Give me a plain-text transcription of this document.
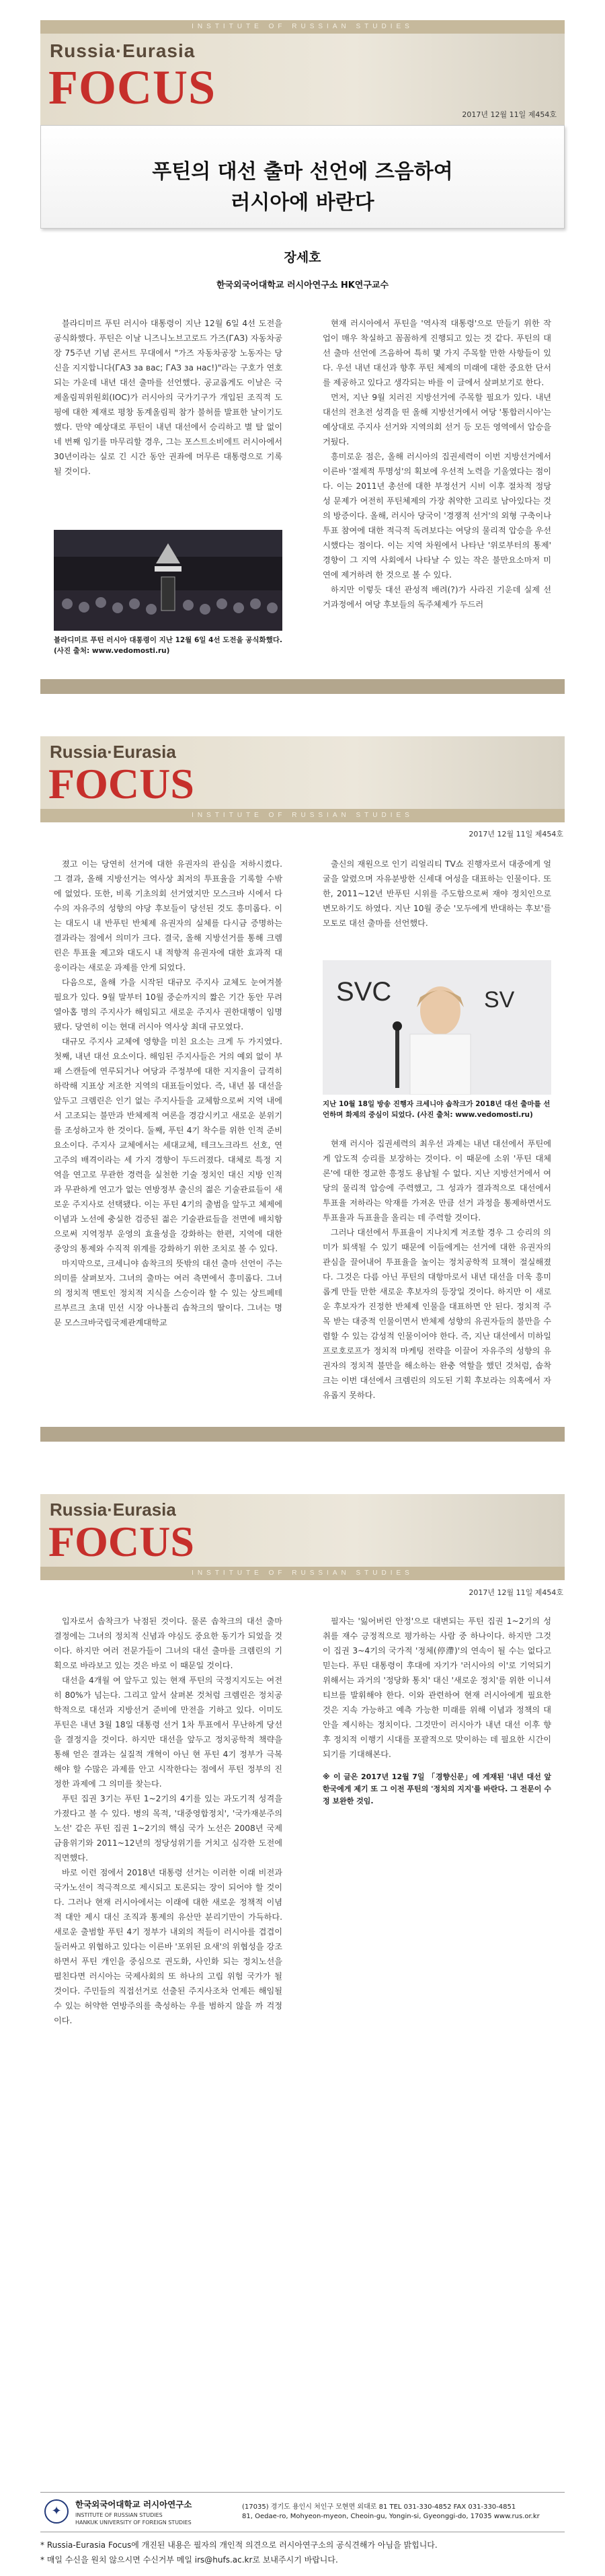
INSTITUTE OF RUSSIAN STUDIES
Russia·Eurasia
FOCUS
2017년 12월 11일 제454호
푸틴의 대선 출마 선언에 즈음하여
러시아에 바란다
장세호
한국외국어대학교 러시아연구소 HK연구교수

블라디미르 푸틴 러시아 대통령이 지난 12월 6일 4선 도전을 공식화했다. 푸틴은 이날 니즈니노브고로드 가즈(ГАЗ) 자동차공장 75주년 기념 콘서트 무대에서 "가즈 자동차공장 노동자는 당신을 지지합니다(ГАЗ за вас; ГАЗ за нас!)"라는 구호가 연호되는 가운데 내년 대선 출마를 선언했다. 공교롭게도 이날은 국제올림픽위원회(IOC)가 러시아의 국가기구가 개입된 조직적 도핑에 대한 제재로 평창 동계올림픽 참가 불허를 발표한 날이기도 했다. 만약 예상대로 푸틴이 내년 대선에서 승리하고 별 탈 없이 네 번째 임기를 마무리할 경우, 그는 포스트소비에트 러시아에서 30년이라는 실로 긴 시간 동안 권좌에 머무른 대통령으로 기록될 것이다.

블라디미르 푸틴 러시아 대통령이 지난 12월 6일 4선 도전을 공식화했다. (사진 출처: www.vedomosti.ru)

현재 러시아에서 푸틴을 '역사적 대통령'으로 만들기 위한 작업이 매우 착실하고 꼼꼼하게 진행되고 있는 것 같다. 푸틴의 대선 출마 선언에 즈음하여 특히 몇 가지 주목할 만한 사항들이 있다. 우선 내년 대선과 향후 푸틴 체제의 미래에 대한 중요한 단서를 제공하고 있다고 생각되는 바를 이 글에서 살펴보기로 한다.

먼저, 지난 9월 치러진 지방선거에 주목할 필요가 있다. 내년 대선의 전초전 성격을 띤 올해 지방선거에서 여당 '통합러시아'는 예상대로 주지사 선거와 지역의회 선거 등 모든 영역에서 압승을 거뒀다.

흥미로운 점은, 올해 러시아의 집권세력이 이번 지방선거에서 이른바 '절제적 투명성'의 획보에 우선적 노력을 기울였다는 점이다. 이는 2011년 총선에 대한 부정선거 시비 이후 절차적 정당성 문제가 여전히 푸틴체제의 가장 취약한 고리로 남아있다는 것의 방증이다. 올해, 러시아 당국이 '경쟁적 선거'의 외형 구축이나 투표 참여에 대한 적극적 독려보다는 여당의 물리적 압승을 우선시했다는 점이다. 이는 지역 차원에서 나타난 '위로부터의 통제' 경향이 그 지역 사회에서 나타날 수 있는 작은 불만요소마저 미연에 제거하려 한 것으로 볼 수 있다.

하지만 이렇듯 대선 관성적 배려(?)가 사라진 기운데 실제 선거과정에서 여당 후보들의 독주체제가 두드러

Russia·Eurasia
FOCUS
INSTITUTE OF RUSSIAN STUDIES
2017년 12월 11일 제454호

졌고 이는 당연히 선거에 대한 유권자의 관심을 저하시켰다. 그 결과, 올해 지방선거는 역사상 최저의 투표율을 기록할 수밖에 없었다. 또한, 비록 기초의회 선거였지만 모스크바 시에서 다수의 자유주의 성향의 야당 후보들이 당선된 것도 흥미롭다. 이는 대도시 내 반푸틴 반체제 유권자의 실체를 다시금 증명하는 결과라는 점에서 의미가 크다. 결국, 올해 지방선거를 통해 크렘린은 투표율 제고와 대도시 내 적향적 유권자에 대한 효과적 대응이라는 새로운 과제를 안게 되었다.

다음으로, 올해 가을 시작된 대규모 주지사 교체도 눈여겨볼 필요가 있다. 9월 말부터 10월 중순까지의 짧은 기간 동안 무려 열아홉 명의 주지사가 해임되고 새로운 주지사 권한대행이 임명됐다. 당연히 이는 현대 러시아 역사상 최대 규모였다.

대규모 주지사 교체에 영향을 미친 요소는 크게 두 가지였다. 첫째, 내년 대선 요소이다. 해임된 주지사들은 거의 예외 없이 부패 스캔들에 연루되거나 여당과 주정부에 대한 지지율이 급격히 하락해 지표상 저조한 지역의 대표들이었다. 즉, 내년 봄 대선을 앞두고 크렘린은 인기 없는 주지사들을 교체함으로써 지역 내에서 고조되는 불만과 반체제적 여론을 경감시키고 새로운 분위기를 조성하고자 한 것이다. 둘째, 푸틴 4기 착수를 위한 인적 준비 요소이다. 주지사 교체에서는 세대교체, 테크노크라트 선호, 연고주의 배격이라는 세 가지 경향이 두드러졌다. 대체로 특정 지역을 연고로 무관한 경력을 실천한 기술 정치인 대신 지방 인적과 무관하게 연고가 없는 연방정부 출신의 젊은 기술관료들이 새로운 주지사로 선택됐다. 이는 푸틴 4기의 출범을 앞두고 체제에 이념과 노선에 충실한 검증된 젊은 기술관료들을 전면에 배치함으로써 지역정부 운영의 효율성을 강화하는 한편, 지역에 대한 중앙의 통제와 수직적 위계를 강화하기 위한 조치로 볼 수 있다.

마지막으로, 크세니야 솝착크의 뜻밖의 대선 출마 선언이 주는 의미를 살펴보자. 그녀의 출마는 여러 측면에서 흥미롭다. 그녀의 정치적 멘토인 정치적 지식을 스승이라 할 수 있는 상트페테르부르크 초대 민선 시장 아나톨리 솝착크의 딸이다. 그녀는 명문 모스크바국립국제관계대학교

출신의 재원으로 인기 리얼리티 TV쇼 진행자로서 대중에게 얼굴을 알렸으며 자유분방한 신세대 여성을 대표하는 인물이다. 또한, 2011~12년 반푸틴 시위를 주도함으로써 재야 정치인으로 변모하기도 하였다. 지난 10월 중순 '모두에게 반대하는 후보'를 모토로 대선 출마를 선언했다.

SVC	SV
지난 10월 18일 방송 진행자 크세니야 솝착크가 2018년 대선 출마를 선언하며 화제의 중심이 되었다. (사진 출처: www.vedomosti.ru)

현재 러시아 집권세력의 최우선 과제는 내년 대선에서 푸틴에게 압도적 승리를 보장하는 것이다. 이 때문에 소위 '푸틴 대체론'에 대한 정교한 흥정도 용납될 수 없다. 지난 지방선거에서 여당의 물리적 압승에 주력했고, 그 성과가 결과적으로 대선에서 투표율 저하라는 악재를 가져온 만큼 선거 과정을 통제하면서도 투표율과 득표율을 올리는 데 주력할 것이다.

그러나 대선에서 투표율이 지나치게 저조할 경우 그 승리의 의미가 퇴색될 수 있기 때문에 이들에게는 선거에 대한 유권자의 관심을 끌어내어 투표율을 높이는 정치공학적 묘책이 절실해졌다. 그것은 다름 아닌 푸틴의 대항마로서 내년 대선을 더욱 흥미롭게 만들 만한 새로운 후보자의 등장일 것이다. 하지만 이 새로운 후보자가 진정한 반체제 인물을 대표하면 안 된다. 정치적 주목 받는 대중적 인물이면서 반체제 성향의 유권자들의 불만을 수렴할 수 있는 감성적 인물이어야 한다. 즉, 지난 대선에서 미하일 프로호로프가 정치적 마케팅 전략을 이끌어 자유주의 성향의 유권자의 정치적 불만을 해소하는 완충 역할을 했던 것처럼, 솝착크는 이번 대선에서 크렘린의 의도된 기획 후보라는 의혹에서 자유롭지 못하다.

Russia·Eurasia
FOCUS
INSTITUTE OF RUSSIAN STUDIES
2017년 12월 11일 제454호

입자로서 솝착크가 낙점된 것이다. 물론 솝착크의 대선 출마 결정에는 그녀의 정치적 신념과 야심도 중요한 동기가 되었을 것이다. 하지만 여러 전문가들이 그녀의 대선 출마를 크렘린의 기획으로 바라보고 있는 것은 바로 이 때문일 것이다.

대선을 4개월 여 앞두고 있는 현재 푸틴의 국정지지도는 여전히 80%가 넘는다. 그리고 앞서 살펴본 것처럼 크렘린은 정치공학적으로 대선과 지방선거 준비에 만전을 기하고 있다. 이미도 푸틴은 내년 3월 18일 대통령 선거 1차 투표에서 무난하게 당선을 결정지을 것이다. 하지만 대선을 앞두고 정치공학적 책략을 통해 얻은 결과는 실질적 개혁이 아닌 현 푸틴 4기 정부가 극복해야 할 수많은 과제를 안고 시작한다는 점에서 푸틴 정부의 진정한 과제에 그 의미를 찾는다.

푸틴 집권 3기는 푸틴 1~2기의 4기를 있는 과도기적 성격을 가졌다고 볼 수 있다. 병의 목적, '대중영합정치', '국가재분주의 노선' 같은 푸틴 집권 1~2기의 핵심 국가 노선은 2008년 국제금융위기와 2011~12년의 정당성위기를 거치고 심각한 도전에 직면했다.

바로 이런 점에서 2018년 대통령 선거는 이러한 이래 비전과 국가노선이 적극적으로 제시되고 토론되는 장이 되어야 할 것이다. 그러나 현재 러시아에서는 이래에 대한 새로운 정책적 이념적 대안 제시 대신 조직과 통제의 유산만 분리기만이 가득하다. 새로운 출범할 푸틴 4기 정부가 내외의 적들이 러시아를 겹겹이 둘러싸고 위협하고 있다는 이른바 '포위된 요새'의 위협성을 강조하면서 푸틴 개인을 중심으로 권도화, 사인화 되는 정치노선을 펼친다면 러시아는 국제사회의 또 하나의 고립 위험 국가가 될 것이다. 주민들의 직접선거로 선출된 주지사조차 언제든 해임될 수 있는 허약한 연방주의를 축성하는 우를 범하지 않을 까 걱정이다.

필자는 '잃어버린 안정'으로 대변되는 푸틴 집권 1~2기의 성취를 재수 긍정적으로 평가하는 사람 중 하나이다. 하지만 그것이 집권 3~4기의 국가적 '정체(停滯)'의 연속이 될 수는 없다고 믿는다. 푸틴 대통령이 후대에 자기가 '러시아의 이'로 기억되기 위해서는 과거의 '정당화 통치' 대신 '새로운 정치'를 위한 이니셔티브를 발휘해야 한다. 이와 관련하여 현재 러시아에게 필요한 것은 지속 가능하고 예측 가능한 미래를 위해 이념과 정책의 대안을 제시하는 정치이다. 그것만이 러시아가 내년 대선 이후 향후 정치적 이행기 시대를 포괄적으로 맞이하는 데 필요한 시간이 되기를 기대해본다.

※ 이 글은 2017년 12월 7일 「경향신문」에 게재된 '내년 대선 앞 한국에게 제기 또 그 이전 푸틴의 '정치의 지지'를 바란다. 그 전문이 수정 보완한 것임.

✦	한국외국어대학교 러시아연구소
INSTITUTE OF RUSSIAN STUDIES
HANKUK UNIVERSITY OF FOREIGN STUDIES
(17035) 경기도 용인시 처인구 모현면 외대로 81 TEL 031-330-4852 FAX 031-330-4851
81, Oedae-ro, Mohyeon-myeon, Cheoin-gu, Yongin-si, Gyeonggi-do, 17035 www.rus.or.kr
* Russia-Eurasia Focus에 개진된 내용은 필자의 개인적 의견으로 러시아연구소의 공식견해가 아님을 밝힙니다.
* 매일 수신을 원치 않으시면 수신거부 메일 irs@hufs.ac.kr로 보내주시기 바랍니다.
